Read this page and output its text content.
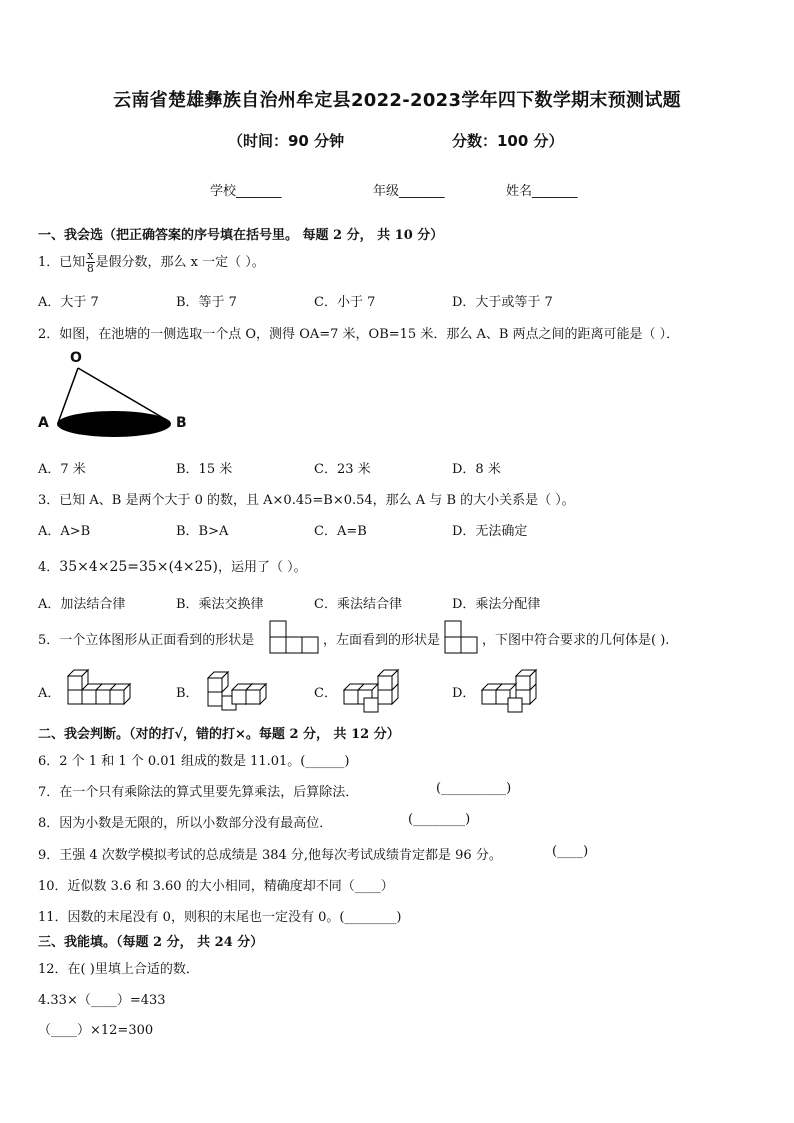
云南省楚雄彝族自治州牟定县2022-2023学年四下数学期末预测试题
（时间：90 分钟	分数：100 分）
学校_______	年级_______	姓名_______
一、我会选（把正确答案的序号填在括号里。 每题 2 分， 共 10 分）
1．已知 $\frac{x}{8}$ 是假分数，那么 x 一定（ ）。
A．大于 7	B．等于 7	C．小于 7	D．大于或等于 7
2．如图，在池塘的一侧选取一个点 O，测得 OA=7 米，OB=15 米．那么 A、B 两点之间的距离可能是（ ）．
O
A	B
A．7 米	B．15 米	C．23 米	D．8 米
3．已知 A、B 是两个大于 0 的数，且 A×0.45=B×0.54，那么 A 与 B 的大小关系是（ ）。
A．A>B	B．B>A	C．A=B	D．无法确定
4．35×4×25=35×(4×25)，运用了（ ）。
A．加法结合律	B．乘法交换律	C．乘法结合律	D．乘法分配律
5．一个立体图形从正面看到的形状是	，左面看到的形状是	，下图中符合要求的几何体是( ).
A．	B．	C．	D．
二、我会判断。（对的打√，错的打×。每题 2 分， 共 12 分）
6．2 个 1 和 1 个 0.01 组成的数是 11.01。(______)
7．在一个只有乘除法的算式里要先算乘法，后算除法．	(__________)
8．因为小数是无限的，所以小数部分没有最高位．	(________)
9．王强 4 次数学模拟考试的总成绩是 384 分,他每次考试成绩肯定都是 96 分。	(____)
10．近似数 3.6 和 3.60 的大小相同，精确度却不同（____）
11．因数的末尾没有 0，则积的末尾也一定没有 0。(________)
三、我能填。（每题 2 分， 共 24 分）
12．在( )里填上合适的数．
4.33×（____）=433
（____）×12=300
